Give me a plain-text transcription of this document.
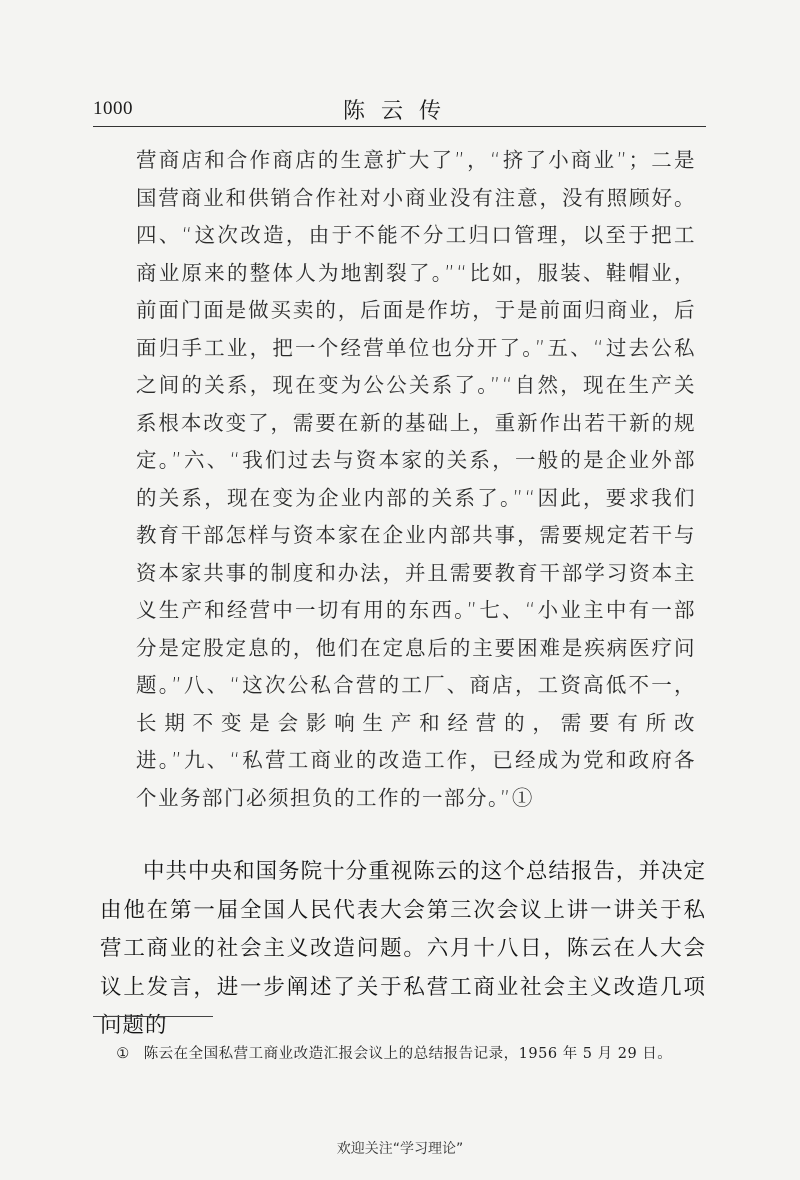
1000	陈云传

营商店和合作商店的生意扩大了”，“挤了小商业”；二是国营商业和供销合作社对小商业没有注意，没有照顾好。四、“这次改造，由于不能不分工归口管理，以至于把工商业原来的整体人为地割裂了。”“比如，服装、鞋帽业，前面门面是做买卖的，后面是作坊，于是前面归商业，后面归手工业，把一个经营单位也分开了。”五、“过去公私之间的关系，现在变为公公关系了。”“自然，现在生产关系根本改变了，需要在新的基础上，重新作出若干新的规定。”六、“我们过去与资本家的关系，一般的是企业外部的关系，现在变为企业内部的关系了。”“因此，要求我们教育干部怎样与资本家在企业内部共事，需要规定若干与资本家共事的制度和办法，并且需要教育干部学习资本主义生产和经营中一切有用的东西。”七、“小业主中有一部分是定股定息的，他们在定息后的主要困难是疾病医疗问题。”八、“这次公私合营的工厂、商店，工资高低不一，长期不变是会影响生产和经营的，需要有所改进。”九、“私营工商业的改造工作，已经成为党和政府各个业务部门必须担负的工作的一部分。”①

中共中央和国务院十分重视陈云的这个总结报告，并决定由他在第一届全国人民代表大会第三次会议上讲一讲关于私营工商业的社会主义改造问题。六月十八日，陈云在人大会议上发言，进一步阐述了关于私营工商业社会主义改造几项问题的

① 陈云在全国私营工商业改造汇报会议上的总结报告记录，1956 年 5 月 29 日。

欢迎关注“学习理论”
